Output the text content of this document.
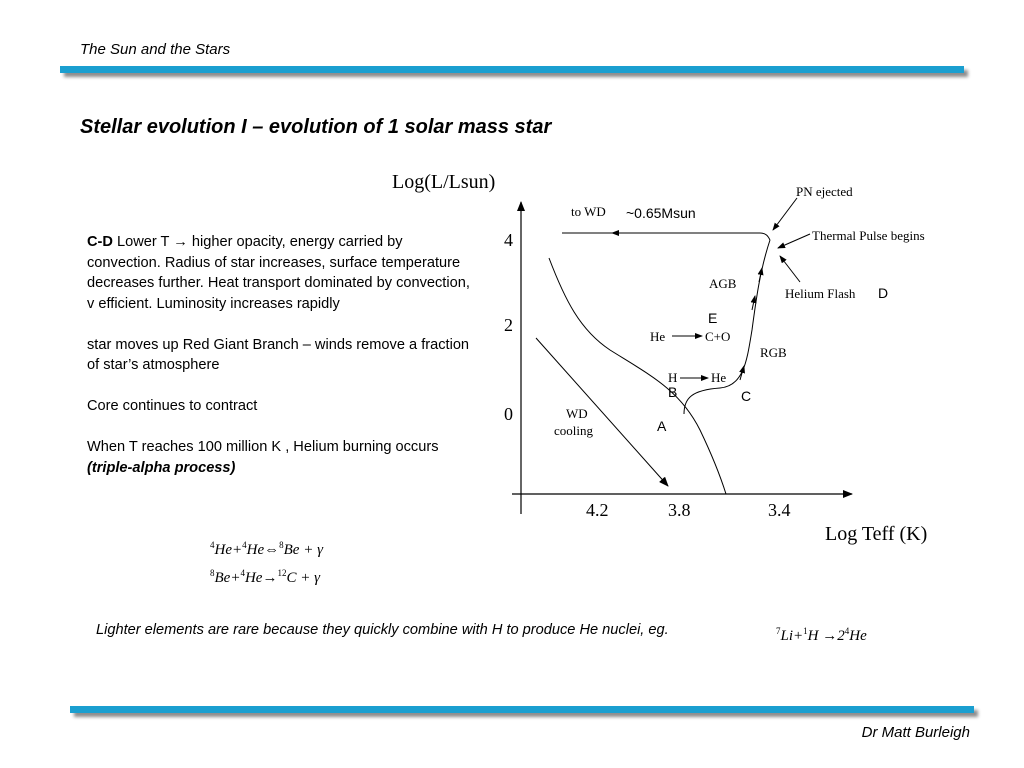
The Sun and the Stars
Stellar evolution I – evolution of 1 solar mass star

C-D Lower T → higher opacity, energy carried by convection. Radius of star increases, surface temperature decreases further. Heat transport dominated by convection, v efficient. Luminosity increases rapidly

star moves up Red Giant Branch – winds remove a fraction of star’s atmosphere

Core continues to contract

When T reaches 100 million K , Helium burning occurs (triple-alpha process)

$^4$He+$^4$He⇔$^8$Be + γ
$^8$Be+$^4$He→$^{12}$C + γ
Lighter elements are rare because they quickly combine with H to produce He nuclei, eg.	$^7Li+^1H \to 2^4He$
Dr Matt Burleigh
Log(L/Lsun)
Log Teff (K)
4
2
0
4.2	3.8	3.4
to WD ~0.65Msun
PN ejected
Thermal Pulse begins
Helium Flash D
AGB
E
He	C+O
RGB
H	He
B	C
WD
cooling	A
